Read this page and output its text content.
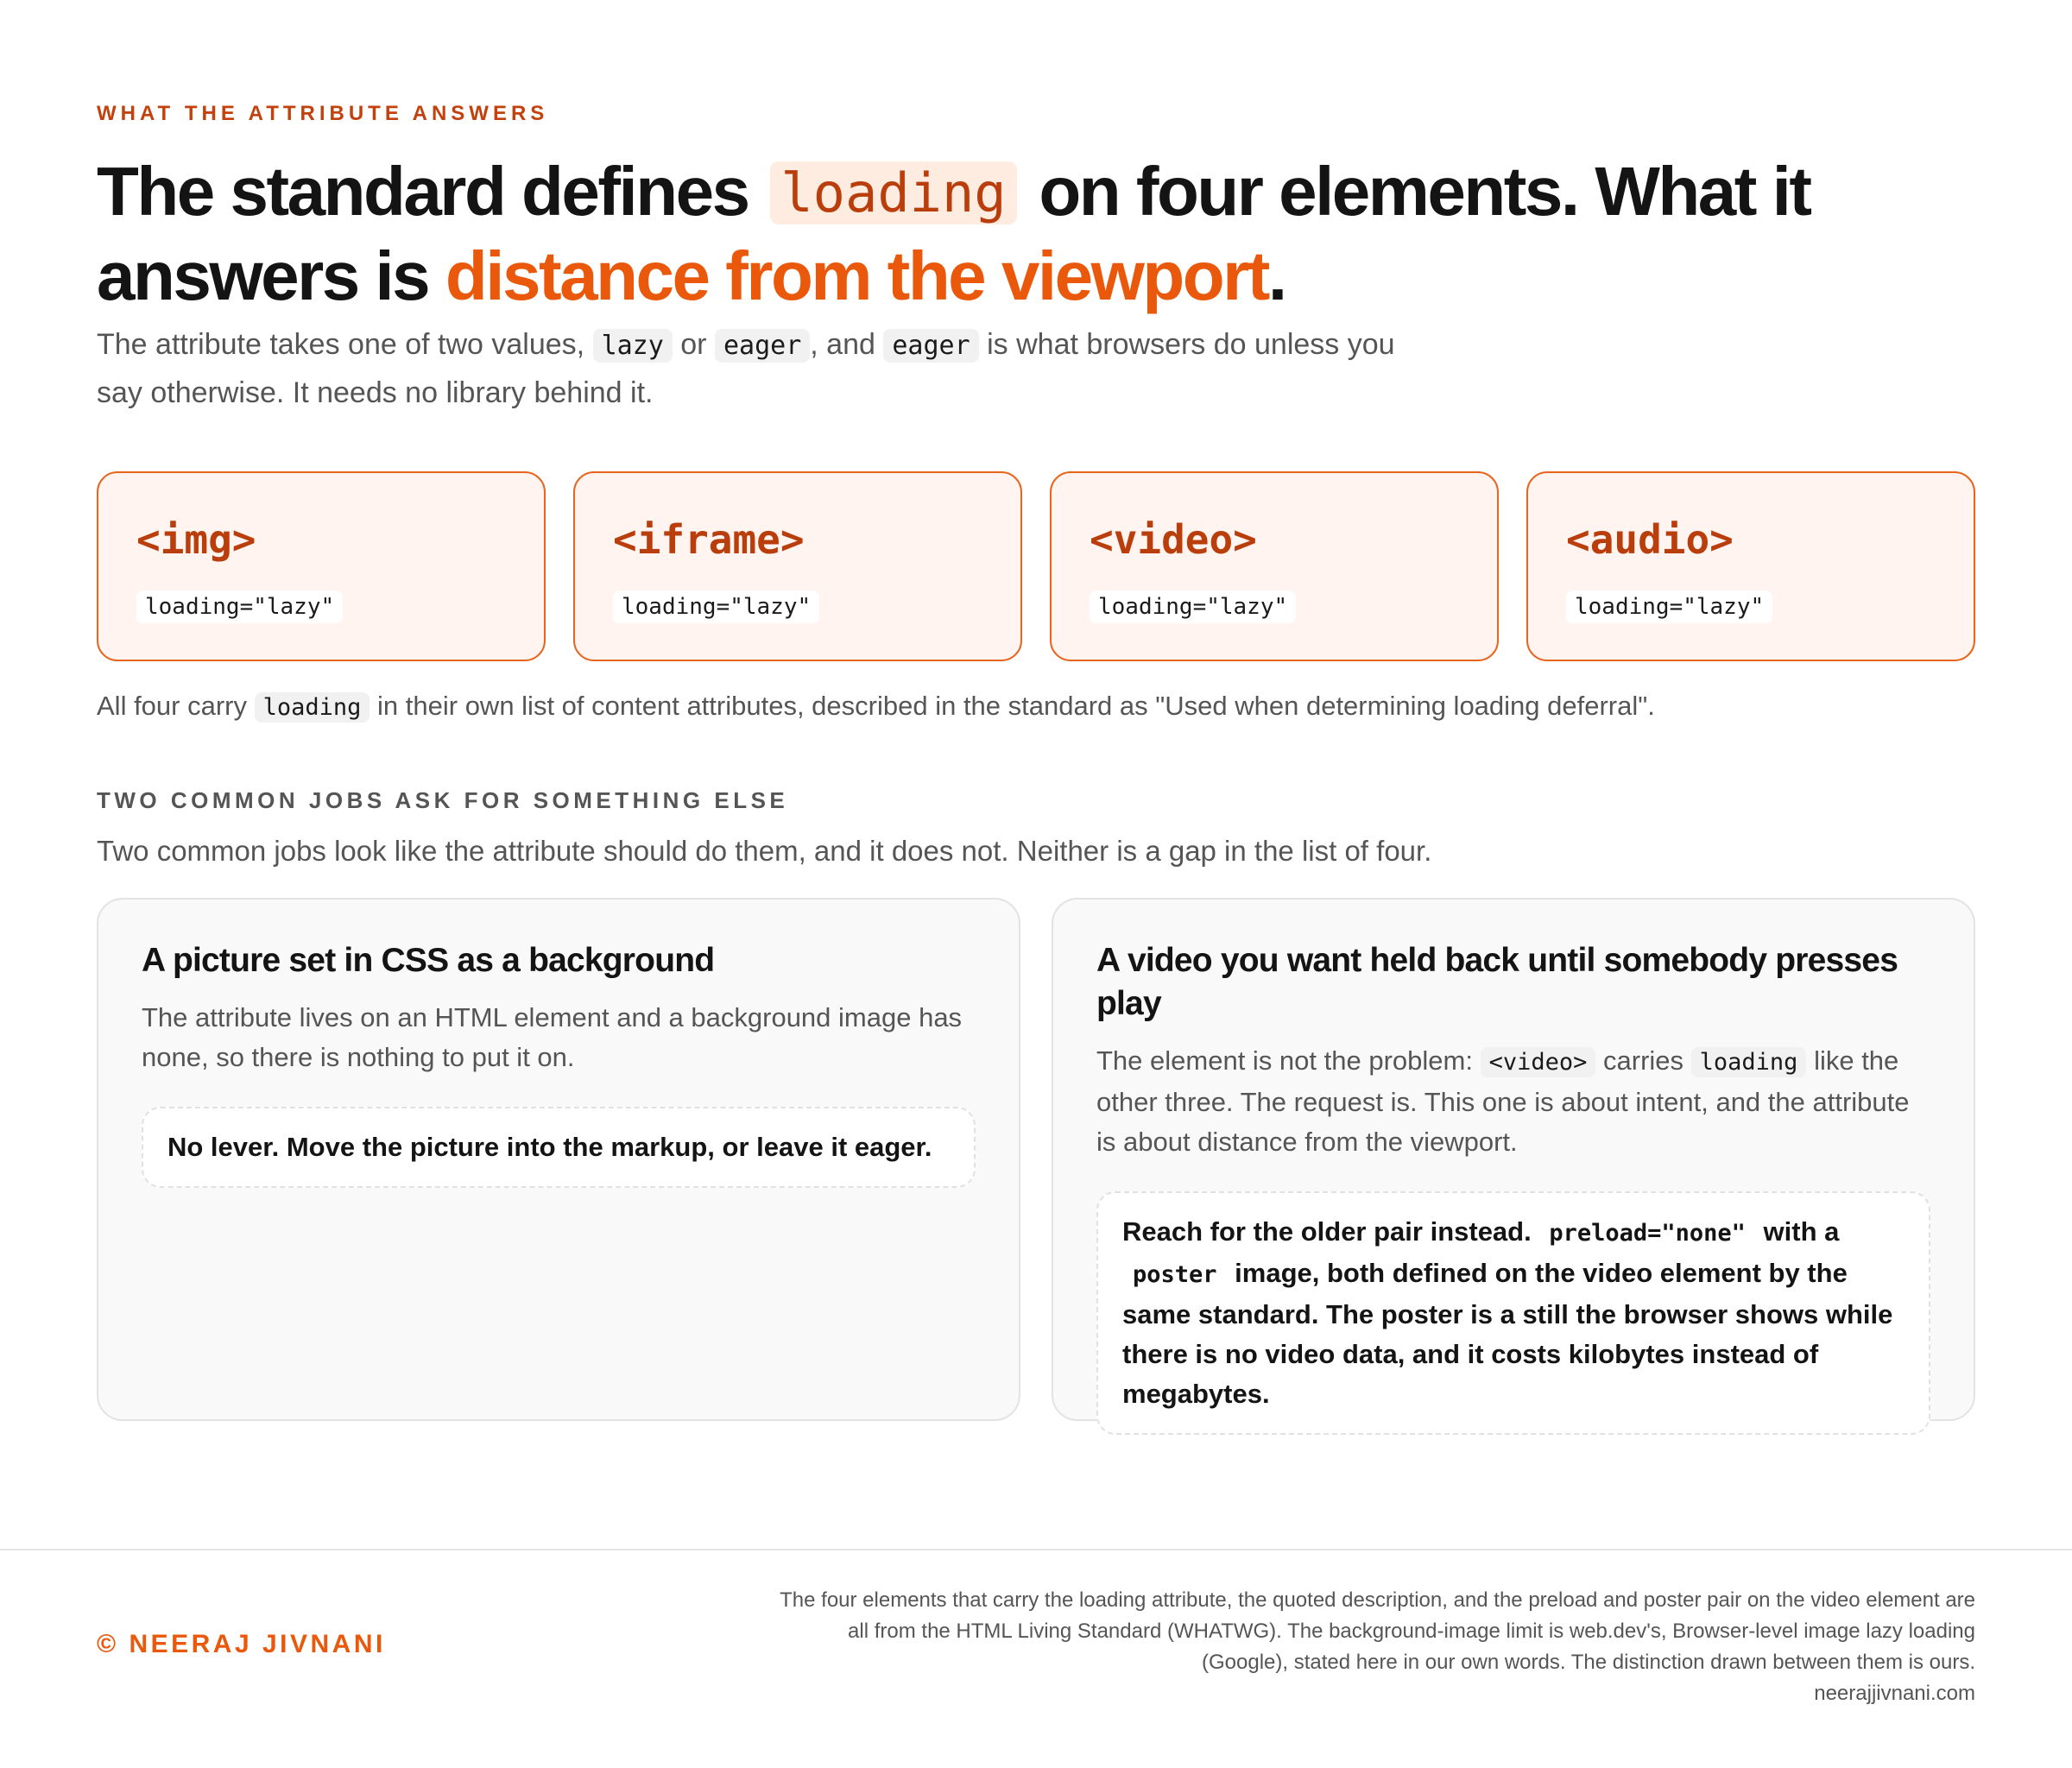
WHAT THE ATTRIBUTE ANSWERS
The standard defines loading on four elements. What it answers is distance from the viewport.

The attribute takes one of two values, lazy or eager , and eager is what browsers do unless you say otherwise. It needs no library behind it.

<img>
loading="lazy"
<iframe>
loading="lazy"
<video>
loading="lazy"
<audio>
loading="lazy"

All four carry loading in their own list of content attributes, described in the standard as "Used when determining loading deferral".

TWO COMMON JOBS ASK FOR SOMETHING ELSE

Two common jobs look like the attribute should do them, and it does not. Neither is a gap in the list of four.

A picture set in CSS as a background

The attribute lives on an HTML element and a background image has none, so there is nothing to put it on.

No lever. Move the picture into the markup, or leave it eager.
A video you want held back until somebody presses play

The element is not the problem: <video> carries loading like the other three. The request is. This one is about intent, and the attribute is about distance from the viewport.

Reach for the older pair instead. preload="none" with a poster image, both defined on the video element by the same standard. The poster is a still the browser shows while there is no video data, and it costs kilobytes instead of megabytes.
© NEERAJ JIVNANI
The four elements that carry the loading attribute, the quoted description, and the preload and poster pair on the video element are all from the HTML Living Standard (WHATWG). The background-image limit is web.dev's, Browser-level image lazy loading (Google), stated here in our own words. The distinction drawn between them is ours.
neerajjivnani.com
